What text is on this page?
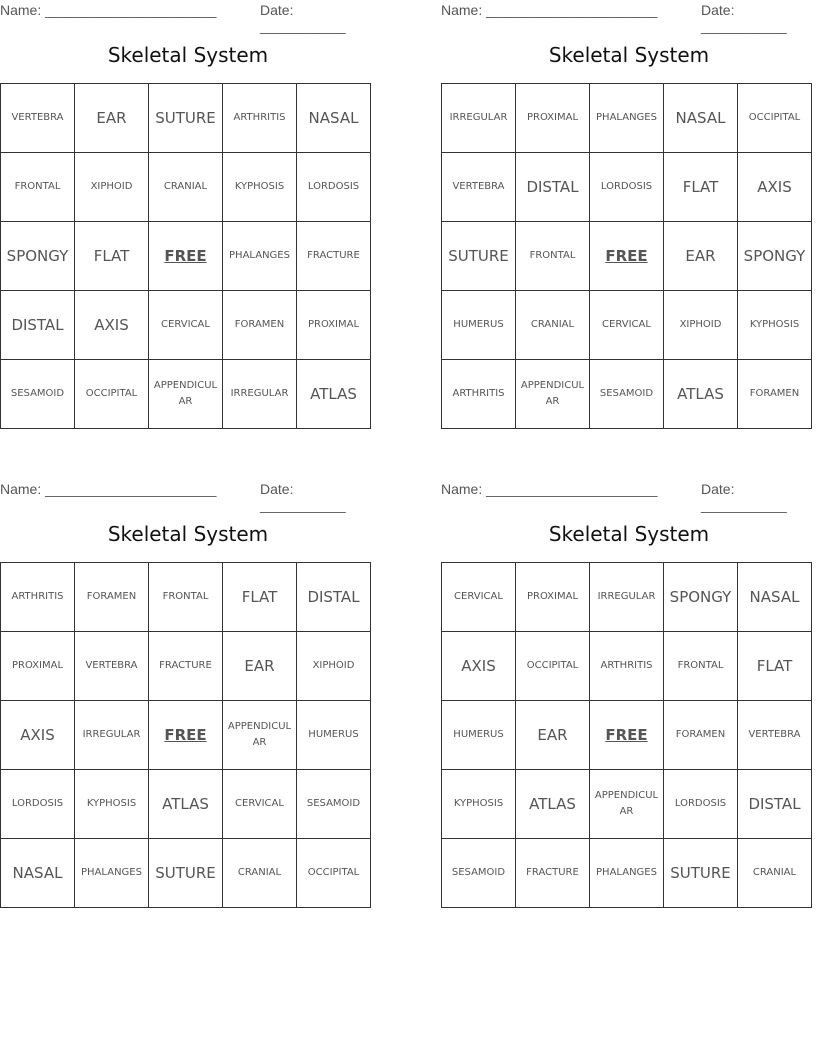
Name: ______________________	Date: ___________
Skeletal System
VERTEBRA	EAR	SUTURE	ARTHRITIS	NASAL
FRONTAL	XIPHOID	CRANIAL	KYPHOSIS	LORDOSIS
SPONGY	FLAT	FREE	PHALANGES	FRACTURE
DISTAL	AXIS	CERVICAL	FORAMEN	PROXIMAL
SESAMOID	OCCIPITAL	APPENDICULAR	IRREGULAR	ATLAS
Name: ______________________	Date: ___________
Skeletal System
IRREGULAR	PROXIMAL	PHALANGES	NASAL	OCCIPITAL
VERTEBRA	DISTAL	LORDOSIS	FLAT	AXIS
SUTURE	FRONTAL	FREE	EAR	SPONGY
HUMERUS	CRANIAL	CERVICAL	XIPHOID	KYPHOSIS
ARTHRITIS	APPENDICULAR	SESAMOID	ATLAS	FORAMEN
Name: ______________________	Date: ___________
Skeletal System
ARTHRITIS	FORAMEN	FRONTAL	FLAT	DISTAL
PROXIMAL	VERTEBRA	FRACTURE	EAR	XIPHOID
AXIS	IRREGULAR	FREE	APPENDICULAR	HUMERUS
LORDOSIS	KYPHOSIS	ATLAS	CERVICAL	SESAMOID
NASAL	PHALANGES	SUTURE	CRANIAL	OCCIPITAL
Name: ______________________	Date: ___________
Skeletal System
CERVICAL	PROXIMAL	IRREGULAR	SPONGY	NASAL
AXIS	OCCIPITAL	ARTHRITIS	FRONTAL	FLAT
HUMERUS	EAR	FREE	FORAMEN	VERTEBRA
KYPHOSIS	ATLAS	APPENDICULAR	LORDOSIS	DISTAL
SESAMOID	FRACTURE	PHALANGES	SUTURE	CRANIAL
